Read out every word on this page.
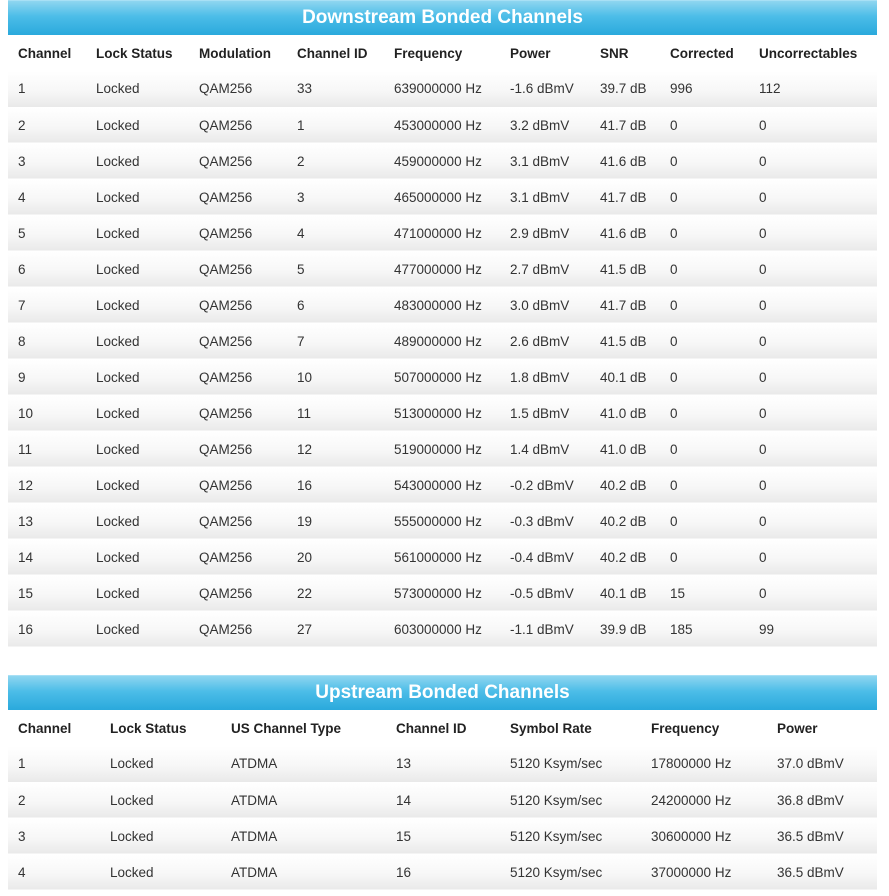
Downstream Bonded Channels
Channel	Lock Status	Modulation	Channel ID	Frequency	Power	SNR	Corrected	Uncorrectables
1	Locked	QAM256	33	639000000 Hz	-1.6 dBmV	39.7 dB	996	112
2	Locked	QAM256	1	453000000 Hz	3.2 dBmV	41.7 dB	0	0
3	Locked	QAM256	2	459000000 Hz	3.1 dBmV	41.6 dB	0	0
4	Locked	QAM256	3	465000000 Hz	3.1 dBmV	41.7 dB	0	0
5	Locked	QAM256	4	471000000 Hz	2.9 dBmV	41.6 dB	0	0
6	Locked	QAM256	5	477000000 Hz	2.7 dBmV	41.5 dB	0	0
7	Locked	QAM256	6	483000000 Hz	3.0 dBmV	41.7 dB	0	0
8	Locked	QAM256	7	489000000 Hz	2.6 dBmV	41.5 dB	0	0
9	Locked	QAM256	10	507000000 Hz	1.8 dBmV	40.1 dB	0	0
10	Locked	QAM256	11	513000000 Hz	1.5 dBmV	41.0 dB	0	0
11	Locked	QAM256	12	519000000 Hz	1.4 dBmV	41.0 dB	0	0
12	Locked	QAM256	16	543000000 Hz	-0.2 dBmV	40.2 dB	0	0
13	Locked	QAM256	19	555000000 Hz	-0.3 dBmV	40.2 dB	0	0
14	Locked	QAM256	20	561000000 Hz	-0.4 dBmV	40.2 dB	0	0
15	Locked	QAM256	22	573000000 Hz	-0.5 dBmV	40.1 dB	15	0
16	Locked	QAM256	27	603000000 Hz	-1.1 dBmV	39.9 dB	185	99
Upstream Bonded Channels
Channel	Lock Status	US Channel Type	Channel ID	Symbol Rate	Frequency	Power
1	Locked	ATDMA	13	5120 Ksym/sec	17800000 Hz	37.0 dBmV
2	Locked	ATDMA	14	5120 Ksym/sec	24200000 Hz	36.8 dBmV
3	Locked	ATDMA	15	5120 Ksym/sec	30600000 Hz	36.5 dBmV
4	Locked	ATDMA	16	5120 Ksym/sec	37000000 Hz	36.5 dBmV
